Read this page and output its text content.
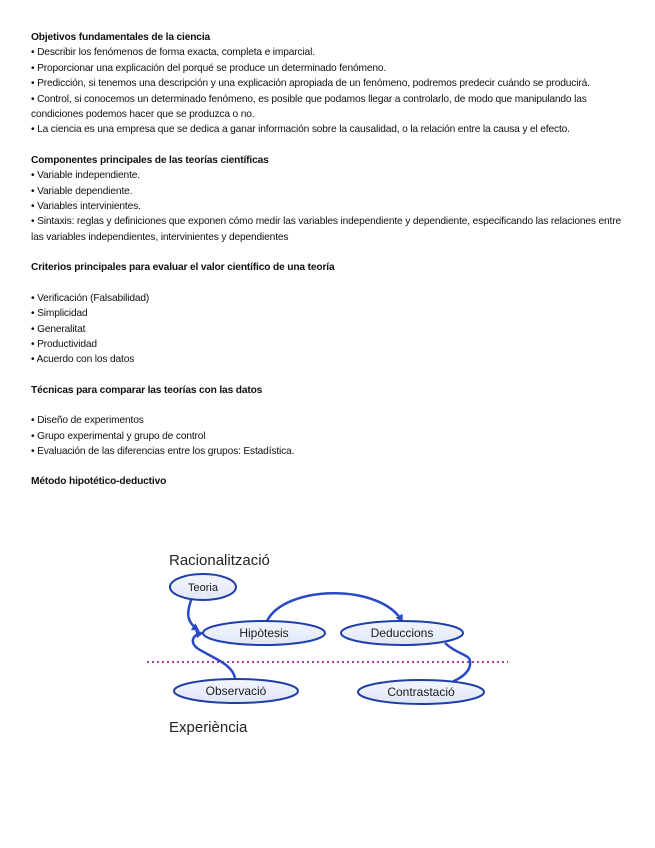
Objetivos fundamentales de la ciencia

• Describir los fenómenos de forma exacta, completa e imparcial.

• Proporcionar una explicación del porqué se produce un determinado fenómeno.

• Predicción, si tenemos una descripción y una explicación apropiada de un fenómeno, podremos predecir cuándo se producirá.

• Control, si conocemos un determinado fenómeno, es posible que podamos llegar a controlarlo, de modo que manipulando las condiciones podemos hacer que se produzca o no.

• La ciencia es una empresa que se dedica a ganar información sobre la causalidad, o la relación entre la causa y el efecto.

Componentes principales de las teorías científicas

• Variable independiente.

• Variable dependiente.

• Variables intervinientes.

• Sintaxis: reglas y definiciones que exponen cómo medir las variables independiente y dependiente, especificando las relaciones entre las variables independientes, intervinientes y dependientes

Criterios principales para evaluar el valor científico de una teoría

• Verificación (Falsabilidad)

• Simplicidad

• Generalitat

• Productividad

• Acuerdo con los datos

Técnicas para comparar las teorías con las datos

• Diseño de experimentos

• Grupo experimental y grupo de control

• Evaluación de las diferencias entre los grupos: Estadística.

Método hipotético-deductivo

Racionalització
Experiència
Teoria
Hipòtesis	Deduccions
Observació	Contrastació
